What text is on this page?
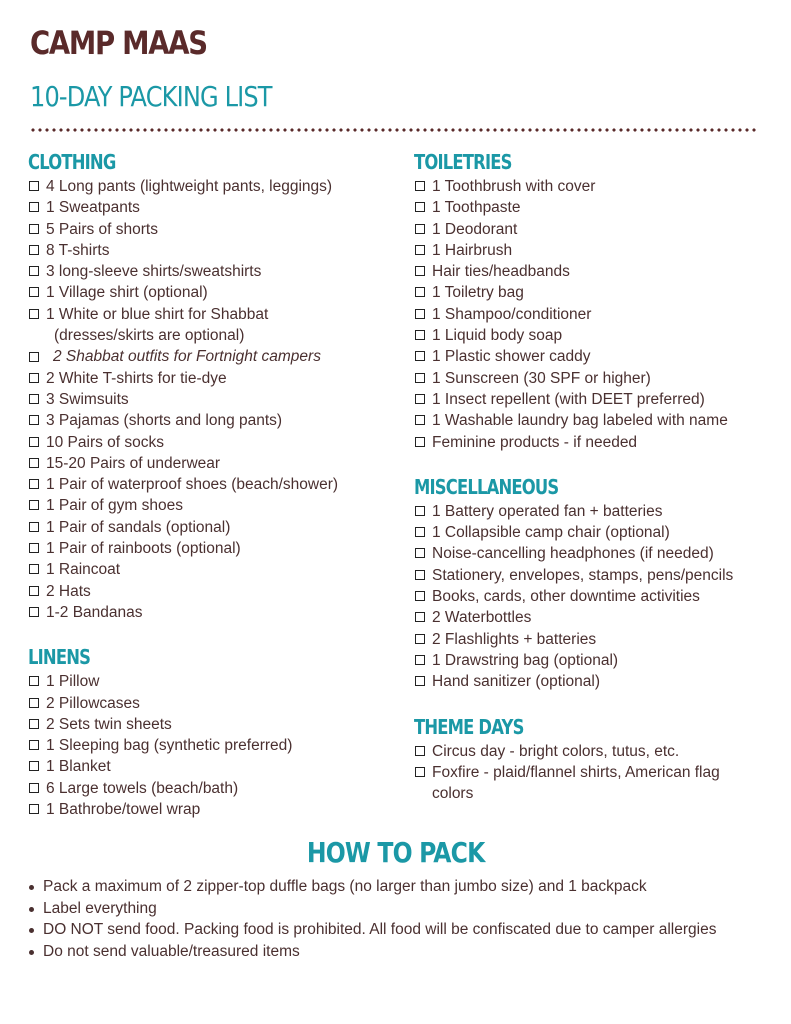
CAMP MAAS
10-DAY PACKING LIST
CLOTHING
4 Long pants (lightweight pants, leggings)
1 Sweatpants
5 Pairs of shorts
8 T-shirts
3 long-sleeve shirts/sweatshirts
1 Village shirt (optional)
1 White or blue shirt for Shabbat
(dresses/skirts are optional)
2 Shabbat outfits for Fortnight campers
2 White T-shirts for tie-dye
3 Swimsuits
3 Pajamas (shorts and long pants)
10 Pairs of socks
15-20 Pairs of underwear
1 Pair of waterproof shoes (beach/shower)
1 Pair of gym shoes
1 Pair of sandals (optional)
1 Pair of rainboots (optional)
1 Raincoat
2 Hats
1-2 Bandanas
LINENS
1 Pillow
2 Pillowcases
2 Sets twin sheets
1 Sleeping bag (synthetic preferred)
1 Blanket
6 Large towels (beach/bath)
1 Bathrobe/towel wrap
TOILETRIES
1 Toothbrush with cover
1 Toothpaste
1 Deodorant
1 Hairbrush
Hair ties/headbands
1 Toiletry bag
1 Shampoo/conditioner
1 Liquid body soap
1 Plastic shower caddy
1 Sunscreen (30 SPF or higher)
1 Insect repellent (with DEET preferred)
1 Washable laundry bag labeled with name
Feminine products - if needed
MISCELLANEOUS
1 Battery operated fan + batteries
1 Collapsible camp chair (optional)
Noise-cancelling headphones (if needed)
Stationery, envelopes, stamps, pens/pencils
Books, cards, other downtime activities
2 Waterbottles
2 Flashlights + batteries
1 Drawstring bag (optional)
Hand sanitizer (optional)
THEME DAYS
Circus day - bright colors, tutus, etc.
Foxfire - plaid/flannel shirts, American flag colors
HOW TO PACK
Pack a maximum of 2 zipper-top duffle bags (no larger than jumbo size) and 1 backpack
Label everything
DO NOT send food. Packing food is prohibited. All food will be confiscated due to camper allergies
Do not send valuable/treasured items
